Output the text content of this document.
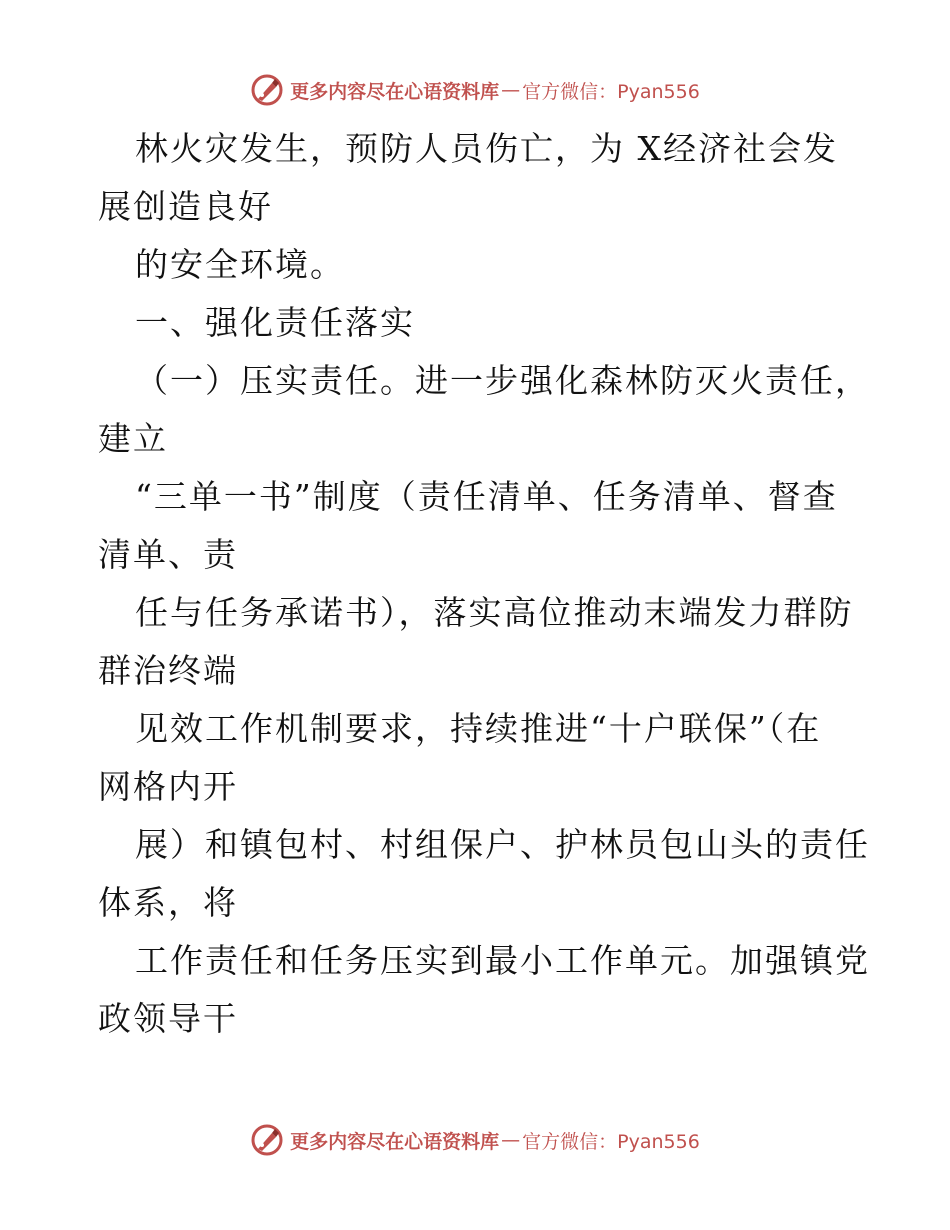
更多内容尽在心语资料库 — 官方微信：Pyan556
林火灾发生，预防人员伤亡，为 X经济社会发
展创造良好
的安全环境。
一、强化责任落实
（一）压实责任。进一步强化森林防灭火责任，
建立
“三单一书”制度（责任清单、任务清单、督查
清单、责
任与任务承诺书），落实高位推动末端发力群防
群治终端
见效工作机制要求，持续推进“十户联保”（在
网格内开
展）和镇包村、村组保户、护林员包山头的责任
体系，将
工作责任和任务压实到最小工作单元。加强镇党
政领导干
更多内容尽在心语资料库 — 官方微信：Pyan556
